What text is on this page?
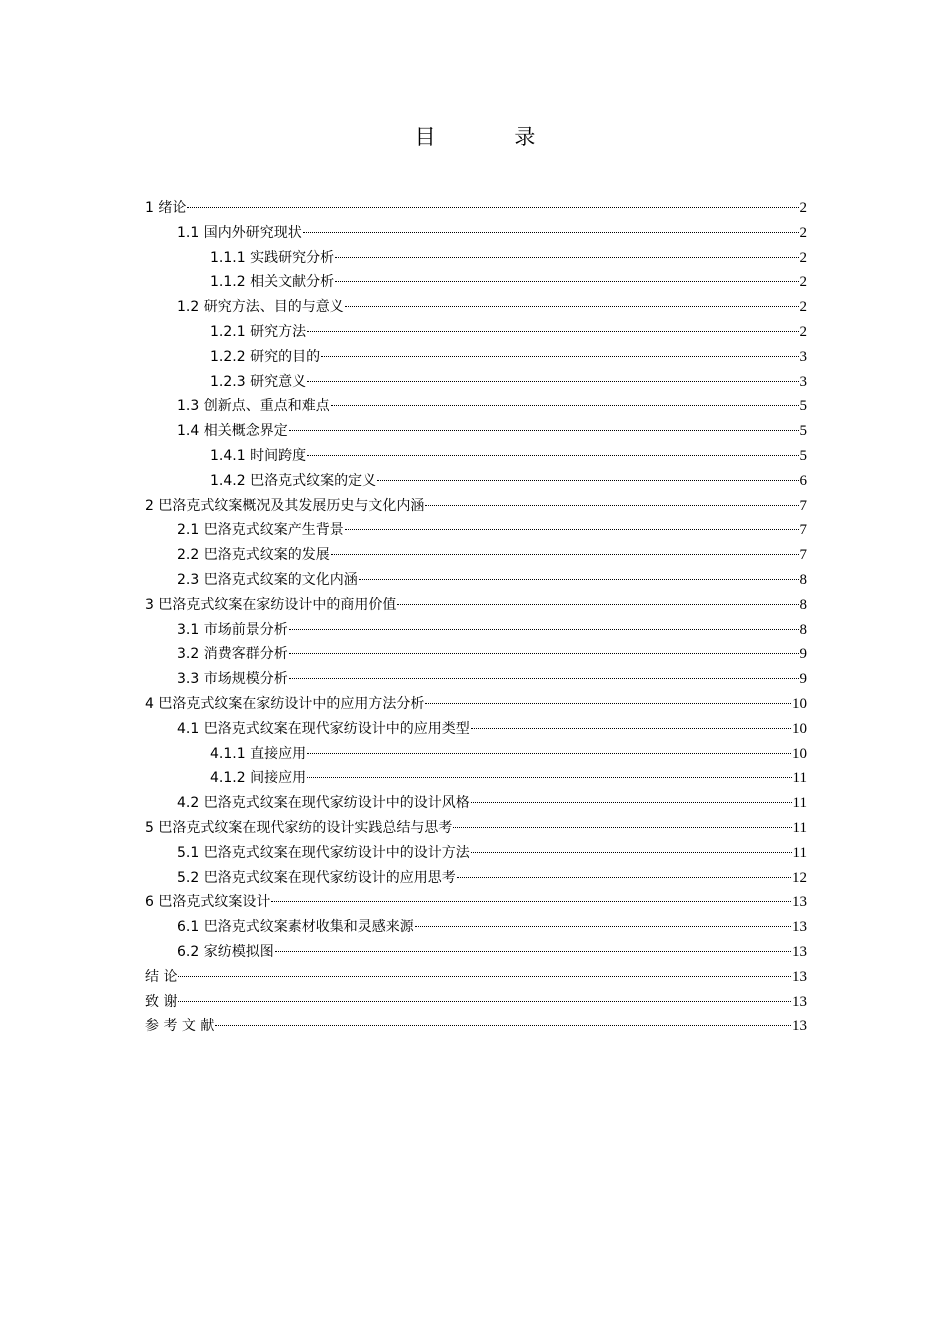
目 录
1 绪论	2
1.1 国内外研究现状	2
1.1.1 实践研究分析	2
1.1.2 相关文献分析	2
1.2 研究方法、目的与意义	2
1.2.1 研究方法	2
1.2.2 研究的目的	3
1.2.3 研究意义	3
1.3 创新点、重点和难点	5
1.4 相关概念界定	5
1.4.1 时间跨度	5
1.4.2 巴洛克式纹案的定义	6
2 巴洛克式纹案概况及其发展历史与文化内涵	7
2.1 巴洛克式纹案产生背景	7
2.2 巴洛克式纹案的发展	7
2.3 巴洛克式纹案的文化内涵	8
3 巴洛克式纹案在家纺设计中的商用价值	8
3.1 市场前景分析	8
3.2 消费客群分析	9
3.3 市场规模分析	9
4 巴洛克式纹案在家纺设计中的应用方法分析	10
4.1 巴洛克式纹案在现代家纺设计中的应用类型	10
4.1.1 直接应用	10
4.1.2 间接应用	11
4.2 巴洛克式纹案在现代家纺设计中的设计风格	11
5 巴洛克式纹案在现代家纺的设计实践总结与思考	11
5.1 巴洛克式纹案在现代家纺设计中的设计方法	11
5.2 巴洛克式纹案在现代家纺设计的应用思考	12
6 巴洛克式纹案设计	13
6.1 巴洛克式纹案素材收集和灵感来源	13
6.2 家纺模拟图	13
结 论	13
致 谢	13
参 考 文 献	13
